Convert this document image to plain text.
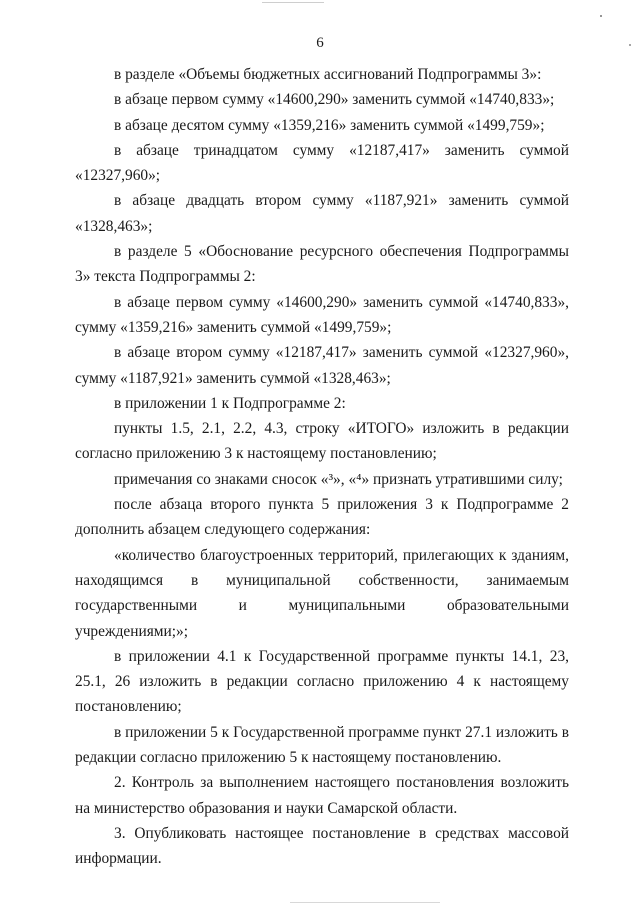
6

в разделе «Объемы бюджетных ассигнований Подпрограммы 3»:

в абзаце первом сумму «14600,290» заменить суммой «14740,833»;

в абзаце десятом сумму «1359,216» заменить суммой «1499,759»;

в абзаце тринадцатом сумму «12187,417» заменить суммой «12327,960»;

в абзаце двадцать втором сумму «1187,921» заменить суммой «1328,463»;

в разделе 5 «Обоснование ресурсного обеспечения Подпрограммы 3» текста Подпрограммы 2:

в абзаце первом сумму «14600,290» заменить суммой «14740,833», сумму «1359,216» заменить суммой «1499,759»;

в абзаце втором сумму «12187,417» заменить суммой «12327,960», сумму «1187,921» заменить суммой «1328,463»;

в приложении 1 к Подпрограмме 2:

пункты 1.5, 2.1, 2.2, 4.3, строку «ИТОГО» изложить в редакции согласно приложению 3 к настоящему постановлению;

примечания со знаками сносок «³», «⁴» признать утратившими силу;

после абзаца второго пункта 5 приложения 3 к Подпрограмме 2 дополнить абзацем следующего содержания:

«количество благоустроенных территорий, прилегающих к зданиям, находящимся в муниципальной собственности, занимаемым государственными и муниципальными образовательными учреждениями;»;

в приложении 4.1 к Государственной программе пункты 14.1, 23, 25.1, 26 изложить в редакции согласно приложению 4 к настоящему постановлению;

в приложении 5 к Государственной программе пункт 27.1 изложить в редакции согласно приложению 5 к настоящему постановлению.

2. Контроль за выполнением настоящего постановления возложить на министерство образования и науки Самарской области.

3. Опубликовать настоящее постановление в средствах массовой информации.
